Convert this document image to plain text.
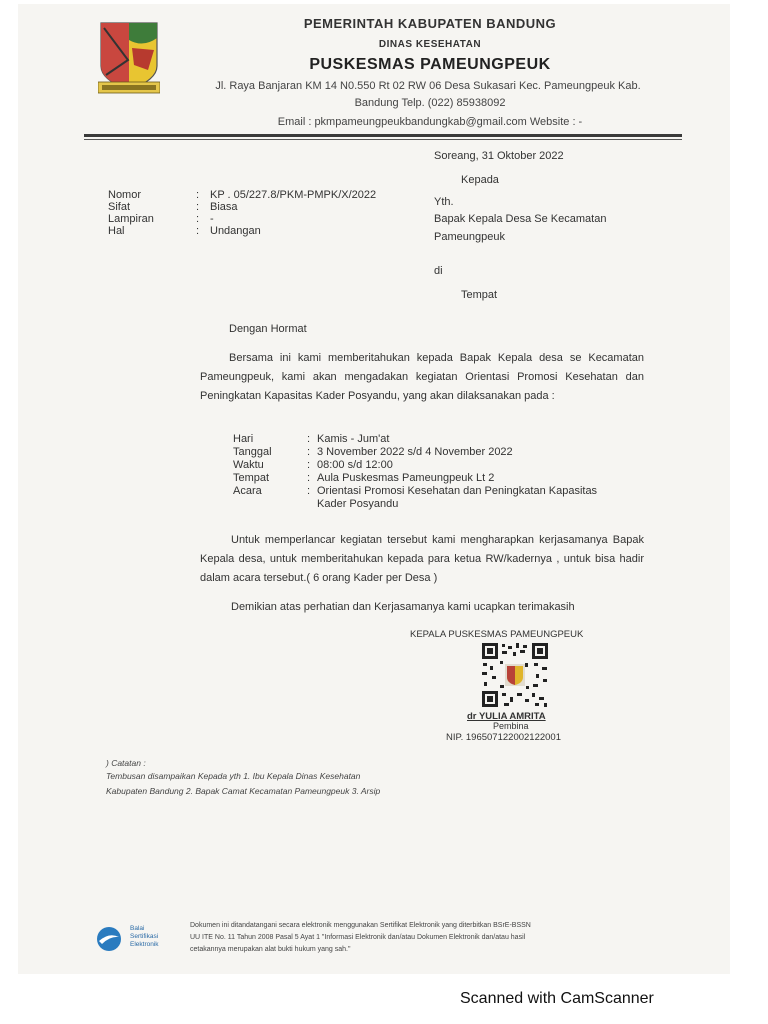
PEMERINTAH KABUPATEN BANDUNG
DINAS KESEHATAN
PUSKESMAS PAMEUNGPEUK
Jl. Raya Banjaran KM 14 N0.550 Rt 02 RW 06 Desa Sukasari Kec. Pameungpeuk Kab.
Bandung Telp. (022) 85938092
Email : pkmpameungpeukbandungkab@gmail.com Website : -
Soreang, 31 Oktober 2022
Kepada
Yth.
Bapak Kepala Desa Se Kecamatan
Pameungpeuk
di
Tempat
Nomor	: KP . 05/227.8/PKM-PMPK/X/2022
Sifat	: Biasa
Lampiran	: -
Hal	: Undangan
Dengan Hormat
Bersama ini kami memberitahukan kepada Bapak Kepala desa se Kecamatan Pameungpeuk, kami akan mengadakan kegiatan Orientasi Promosi Kesehatan dan Peningkatan Kapasitas Kader Posyandu, yang akan dilaksanakan pada :
Hari	: Kamis - Jum'at
Tanggal	: 3 November 2022 s/d 4 November 2022
Waktu	: 08:00 s/d 12:00
Tempat	: Aula Puskesmas Pameungpeuk Lt 2
Acara	: Orientasi Promosi Kesehatan dan Peningkatan Kapasitas
Kader Posyandu
Untuk memperlancar kegiatan tersebut kami mengharapkan kerjasamanya Bapak Kepala desa, untuk memberitahukan kepada para ketua RW/kadernya , untuk bisa hadir dalam acara tersebut.( 6 orang Kader per Desa )
Demikian atas perhatian dan Kerjasamanya kami ucapkan terimakasih
KEPALA PUSKESMAS PAMEUNGPEUK
dr YULIA AMRITA
Pembina
NIP. 196507122002122001
) Catatan :
Tembusan disampaikan Kepada yth 1. Ibu Kepala Dinas Kesehatan
Kabupaten Bandung 2. Bapak Camat Kecamatan Pameungpeuk 3. Arsip
Balai
Sertifikasi
Elektronik
Dokumen ini ditandatangani secara elektronik menggunakan Sertifikat Elektronik yang diterbitkan BSrE-BSSN
UU ITE No. 11 Tahun 2008 Pasal 5 Ayat 1 "Informasi Elektronik dan/atau Dokumen Elektronik dan/atau hasil
cetakannya merupakan alat bukti hukum yang sah."
Scanned with CamScanner
